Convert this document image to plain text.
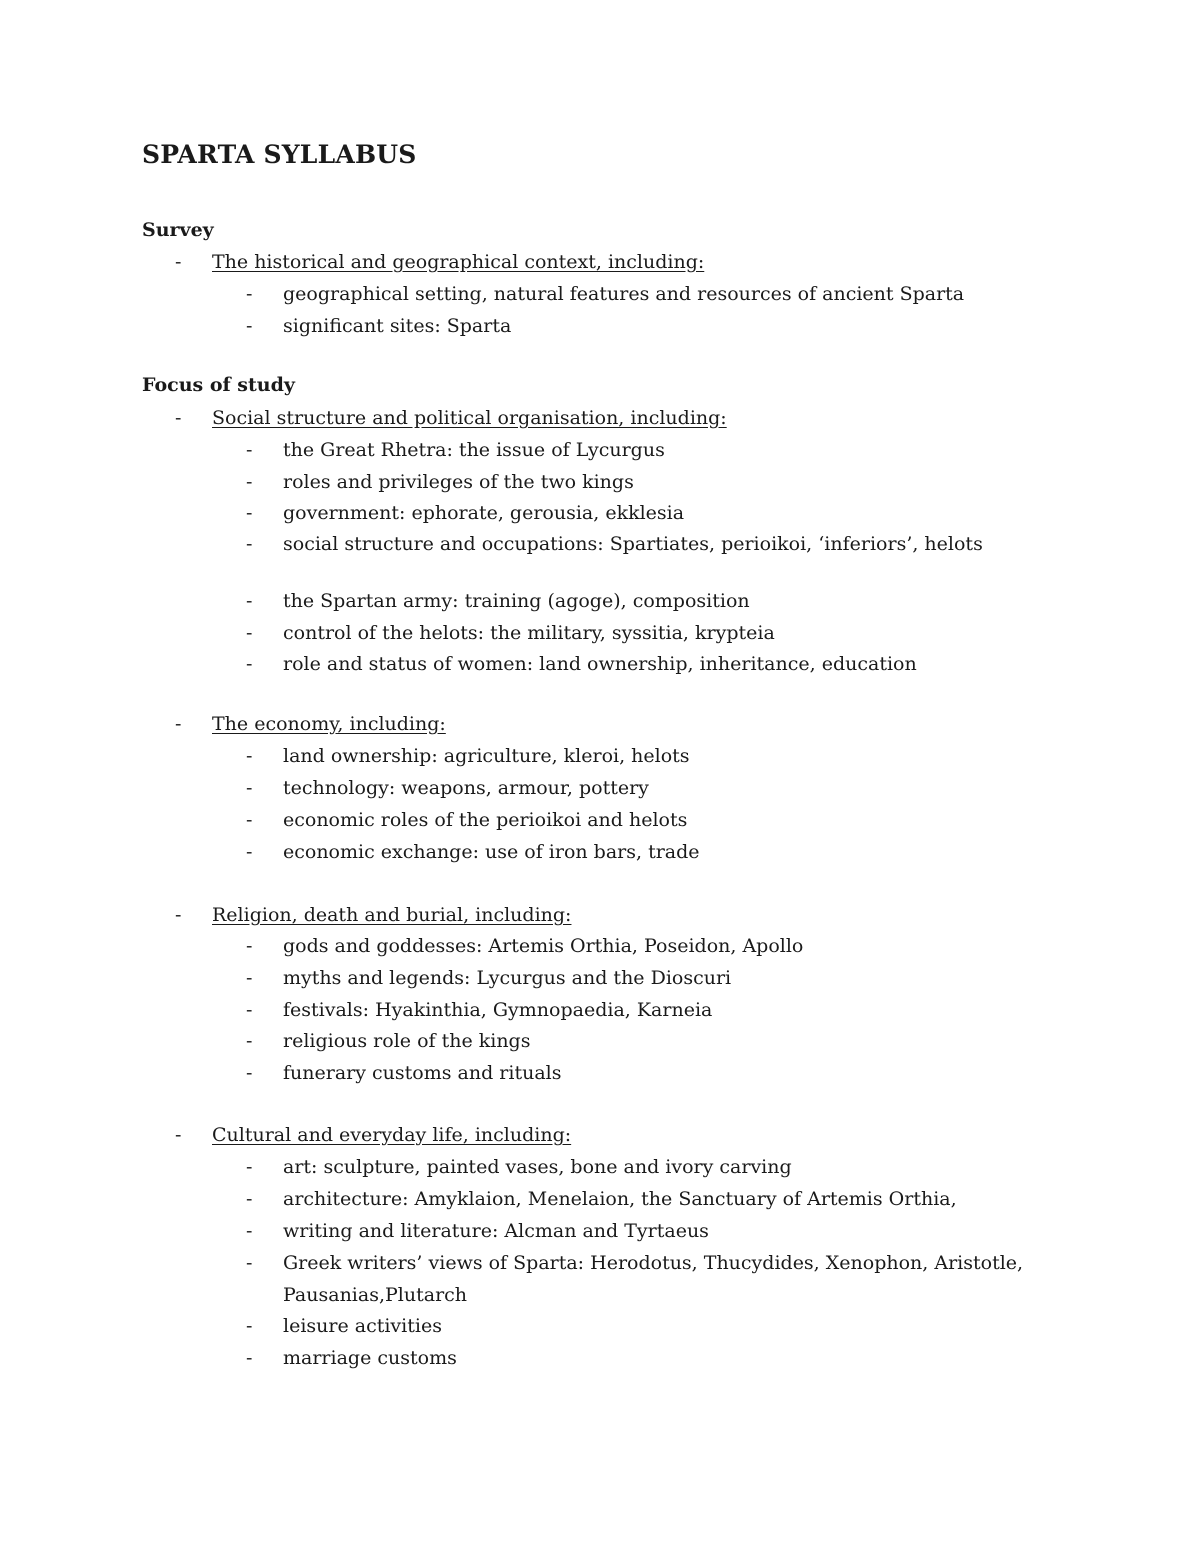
SPARTA SYLLABUS
Survey
- The historical and geographical context, including:
- geographical setting, natural features and resources of ancient Sparta
- significant sites: Sparta
Focus of study
- Social structure and political organisation, including:
- the Great Rhetra: the issue of Lycurgus
- roles and privileges of the two kings
- government: ephorate, gerousia, ekklesia
- social structure and occupations: Spartiates, perioikoi, ‘inferiors’, helots
- the Spartan army: training (agoge), composition
- control of the helots: the military, syssitia, krypteia
- role and status of women: land ownership, inheritance, education
- The economy, including:
- land ownership: agriculture, kleroi, helots
- technology: weapons, armour, pottery
- economic roles of the perioikoi and helots
- economic exchange: use of iron bars, trade
- Religion, death and burial, including:
- gods and goddesses: Artemis Orthia, Poseidon, Apollo
- myths and legends: Lycurgus and the Dioscuri
- festivals: Hyakinthia, Gymnopaedia, Karneia
- religious role of the kings
- funerary customs and rituals
- Cultural and everyday life, including:
- art: sculpture, painted vases, bone and ivory carving
- architecture: Amyklaion, Menelaion, the Sanctuary of Artemis Orthia,
- writing and literature: Alcman and Tyrtaeus
- Greek writers’ views of Sparta: Herodotus, Thucydides, Xenophon, Aristotle,
Pausanias,Plutarch
- leisure activities
- marriage customs
